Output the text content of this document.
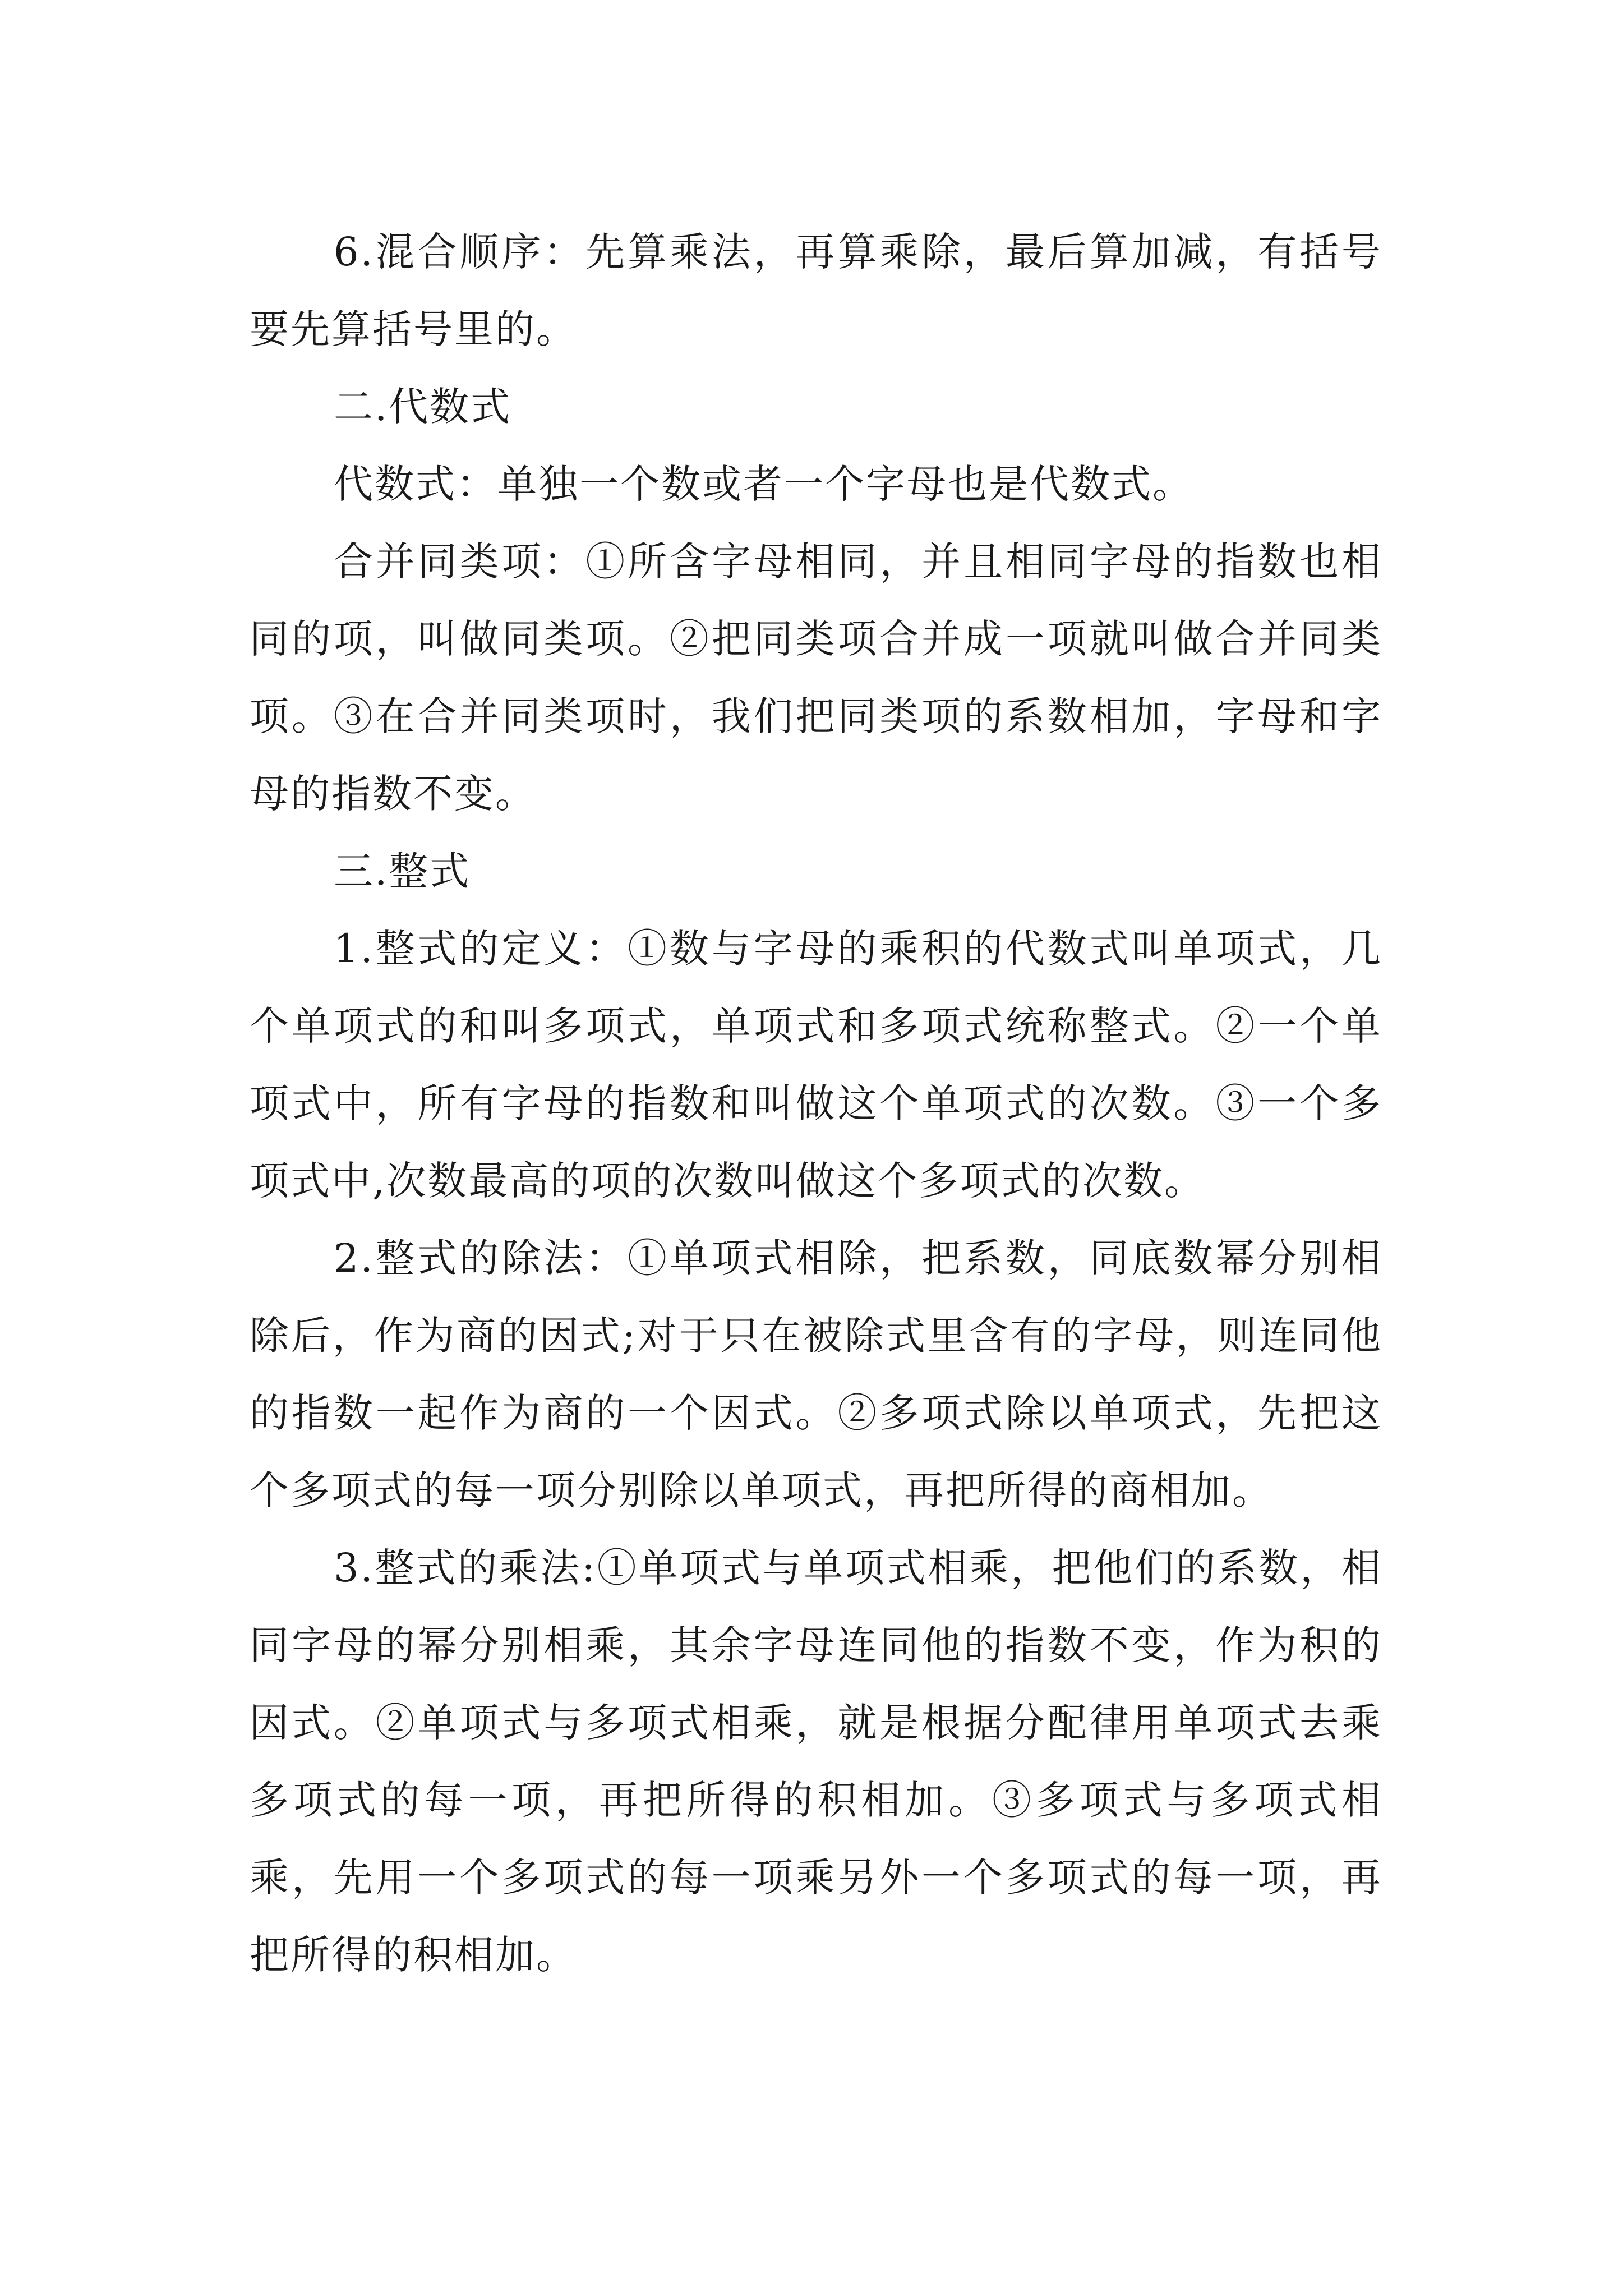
6.混合顺序：先算乘法，再算乘除，最后算加减，有括号要先算括号里的。

二.代数式

代数式：单独一个数或者一个字母也是代数式。

合并同类项：①所含字母相同，并且相同字母的指数也相同的项，叫做同类项。②把同类项合并成一项就叫做合并同类项。③在合并同类项时，我们把同类项的系数相加，字母和字母的指数不变。

三.整式

1.整式的定义：①数与字母的乘积的代数式叫单项式，几个单项式的和叫多项式，单项式和多项式统称整式。②一个单项式中，所有字母的指数和叫做这个单项式的次数。③一个多项式中,次数最高的项的次数叫做这个多项式的次数。

2.整式的除法：①单项式相除，把系数，同底数幂分别相除后，作为商的因式;对于只在被除式里含有的字母，则连同他的指数一起作为商的一个因式。②多项式除以单项式，先把这个多项式的每一项分别除以单项式，再把所得的商相加。

3.整式的乘法:①单项式与单项式相乘，把他们的系数，相同字母的幂分别相乘，其余字母连同他的指数不变，作为积的因式。②单项式与多项式相乘，就是根据分配律用单项式去乘多项式的每一项，再把所得的积相加。③多项式与多项式相乘，先用一个多项式的每一项乘另外一个多项式的每一项，再把所得的积相加。
